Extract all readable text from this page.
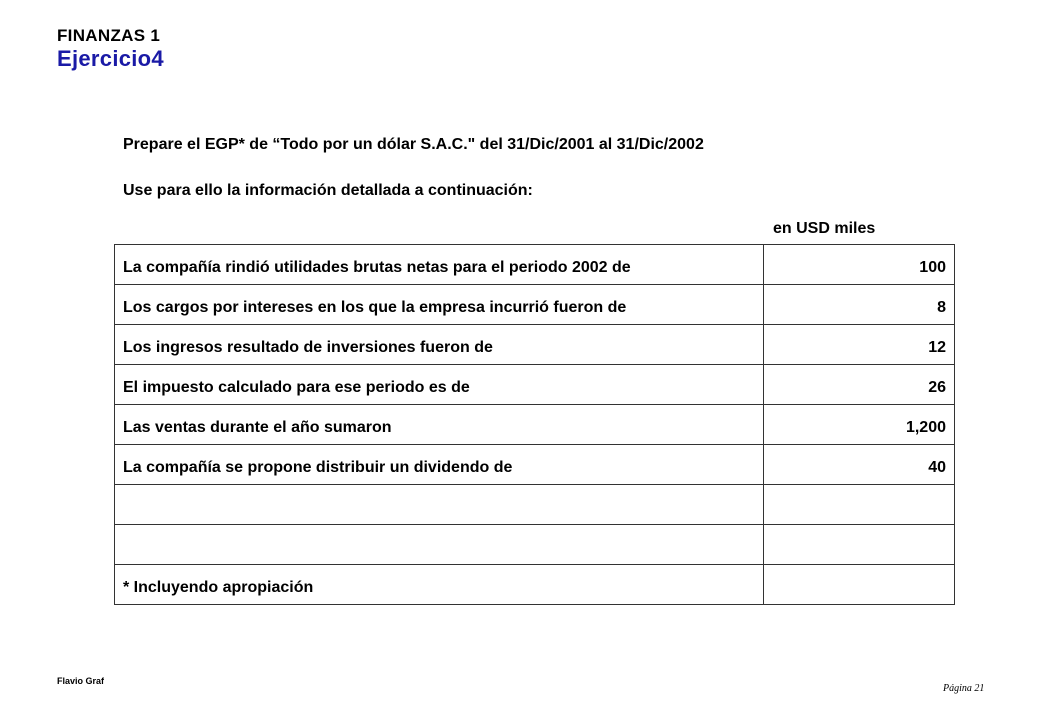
FINANZAS 1
Ejercicio4
Prepare el EGP* de “Todo por un dólar S.A.C." del 31/Dic/2001 al 31/Dic/2002
Use para ello la información detallada a continuación:
en USD miles
La compañía rindió utilidades brutas netas para el periodo 2002 de	100
Los cargos por intereses en los que la empresa incurrió fueron de	8
Los ingresos resultado de inversiones fueron de	12
El impuesto calculado para ese periodo es de	26
Las ventas durante el año sumaron	1,200
La compañía se propone distribuir un dividendo de	40

* Incluyendo apropiación	
Flavio Graf
Página 21
